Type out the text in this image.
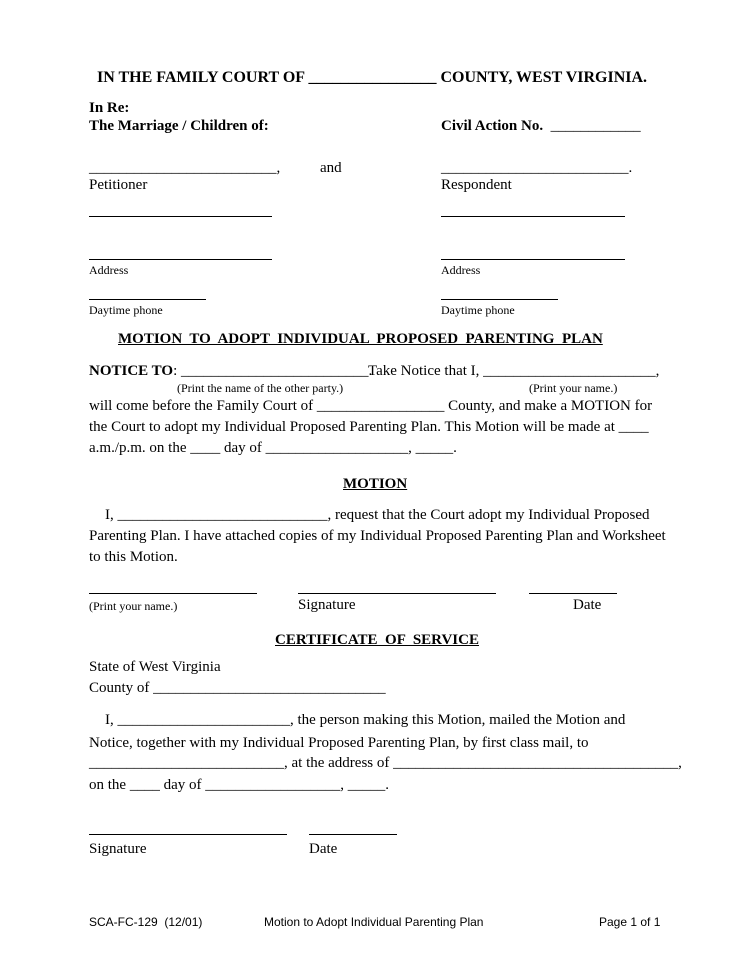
IN THE FAMILY COURT OF ________________ COUNTY, WEST VIRGINIA.
In Re:
The Marriage / Children of:	Civil Action No. ____________
_________________________,	and	_________________________.
Petitioner	Respondent
Address	Address
Daytime phone	Daytime phone
MOTION  TO  ADOPT  INDIVIDUAL  PROPOSED  PARENTING  PLAN
NOTICE TO: _________________________.
Take Notice that I, _______________________,
(Print the name of the other party.)	(Print your name.)
will come before the Family Court of _________________ County, and make a MOTION for
the Court to adopt my Individual Proposed Parenting Plan. This Motion will be made at ____
a.m./p.m. on the ____ day of ___________________, _____.
MOTION
I, ____________________________, request that the Court adopt my Individual Proposed
Parenting Plan. I have attached copies of my Individual Proposed Parenting Plan and Worksheet
to this Motion.
(Print your name.)	Signature	Date
CERTIFICATE  OF  SERVICE
State of West Virginia
County of _______________________________
I, _______________________, the person making this Motion, mailed the Motion and
Notice, together with my Individual Proposed Parenting Plan, by first class mail, to
__________________________, at the address of ______________________________________,
on the ____ day of __________________, _____.
Signature	Date
SCA-FC-129  (12/01)	Motion to Adopt Individual Parenting Plan	Page 1 of 1
